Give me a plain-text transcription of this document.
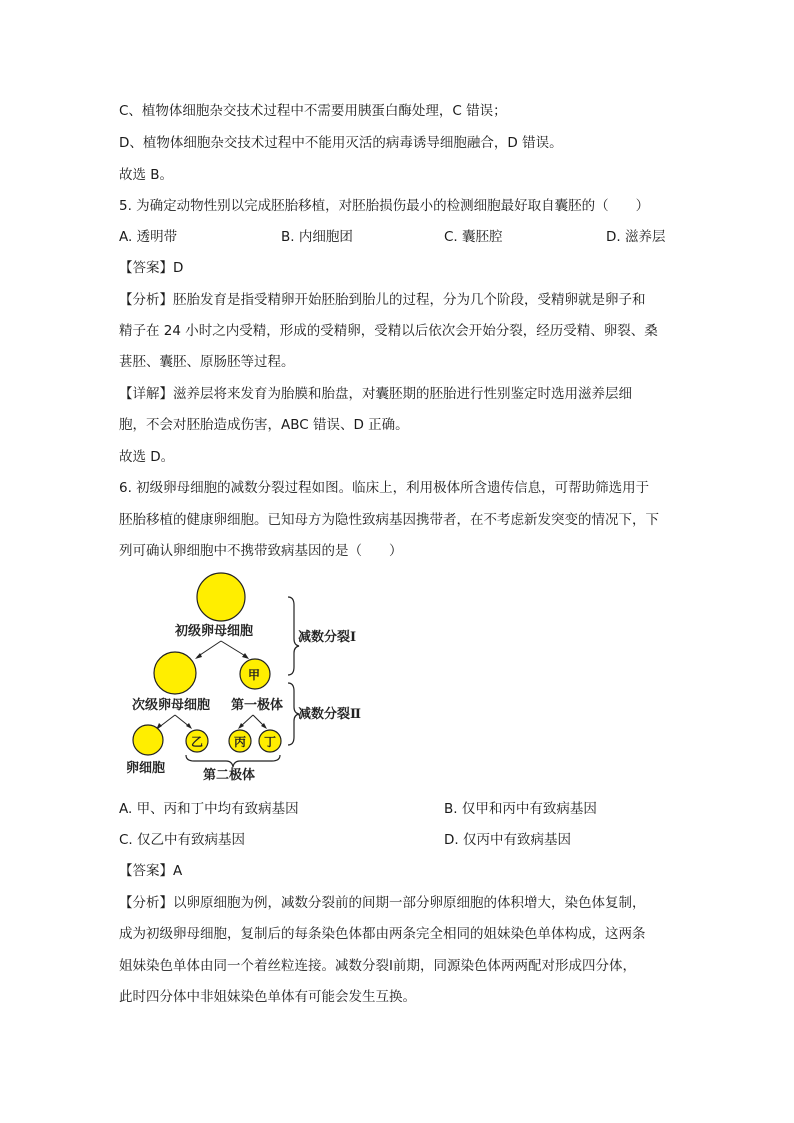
C、植物体细胞杂交技术过程中不需要用胰蛋白酶处理，C 错误；
D、植物体细胞杂交技术过程中不能用灭活的病毒诱导细胞融合，D 错误。
故选 B。
5. 为确定动物性别以完成胚胎移植，对胚胎损伤最小的检测细胞最好取自囊胚的（　　）
A. 透明带	B. 内细胞团	C. 囊胚腔	D. 滋养层
【答案】D
【分析】胚胎发育是指受精卵开始胚胎到胎儿的过程，分为几个阶段，受精卵就是卵子和
精子在 24 小时之内受精，形成的受精卵，受精以后依次会开始分裂，经历受精、卵裂、桑
葚胚、囊胚、原肠胚等过程。
【详解】滋养层将来发育为胎膜和胎盘，对囊胚期的胚胎进行性别鉴定时选用滋养层细
胞，不会对胚胎造成伤害，ABC 错误、D 正确。
故选 D。
6. 初级卵母细胞的减数分裂过程如图。临床上，利用极体所含遗传信息，可帮助筛选用于
胚胎移植的健康卵细胞。已知母方为隐性致病基因携带者，在不考虑新发突变的情况下，下
列可确认卵细胞中不携带致病基因的是（　　）
初级卵母细胞
甲
次级卵母细胞 第一极体
乙	丙 丁
卵细胞	第二极体
减数分裂Ⅰ
减数分裂Ⅱ
A. 甲、丙和丁中均有致病基因	B. 仅甲和丙中有致病基因
C. 仅乙中有致病基因	D. 仅丙中有致病基因
【答案】A
【分析】以卵原细胞为例，减数分裂前的间期一部分卵原细胞的体积增大，染色体复制，
成为初级卵母细胞，复制后的每条染色体都由两条完全相同的姐妹染色单体构成，这两条
姐妹染色单体由同一个着丝粒连接。减数分裂Ⅰ前期，同源染色体两两配对形成四分体，
此时四分体中非姐妹染色单体有可能会发生互换。
